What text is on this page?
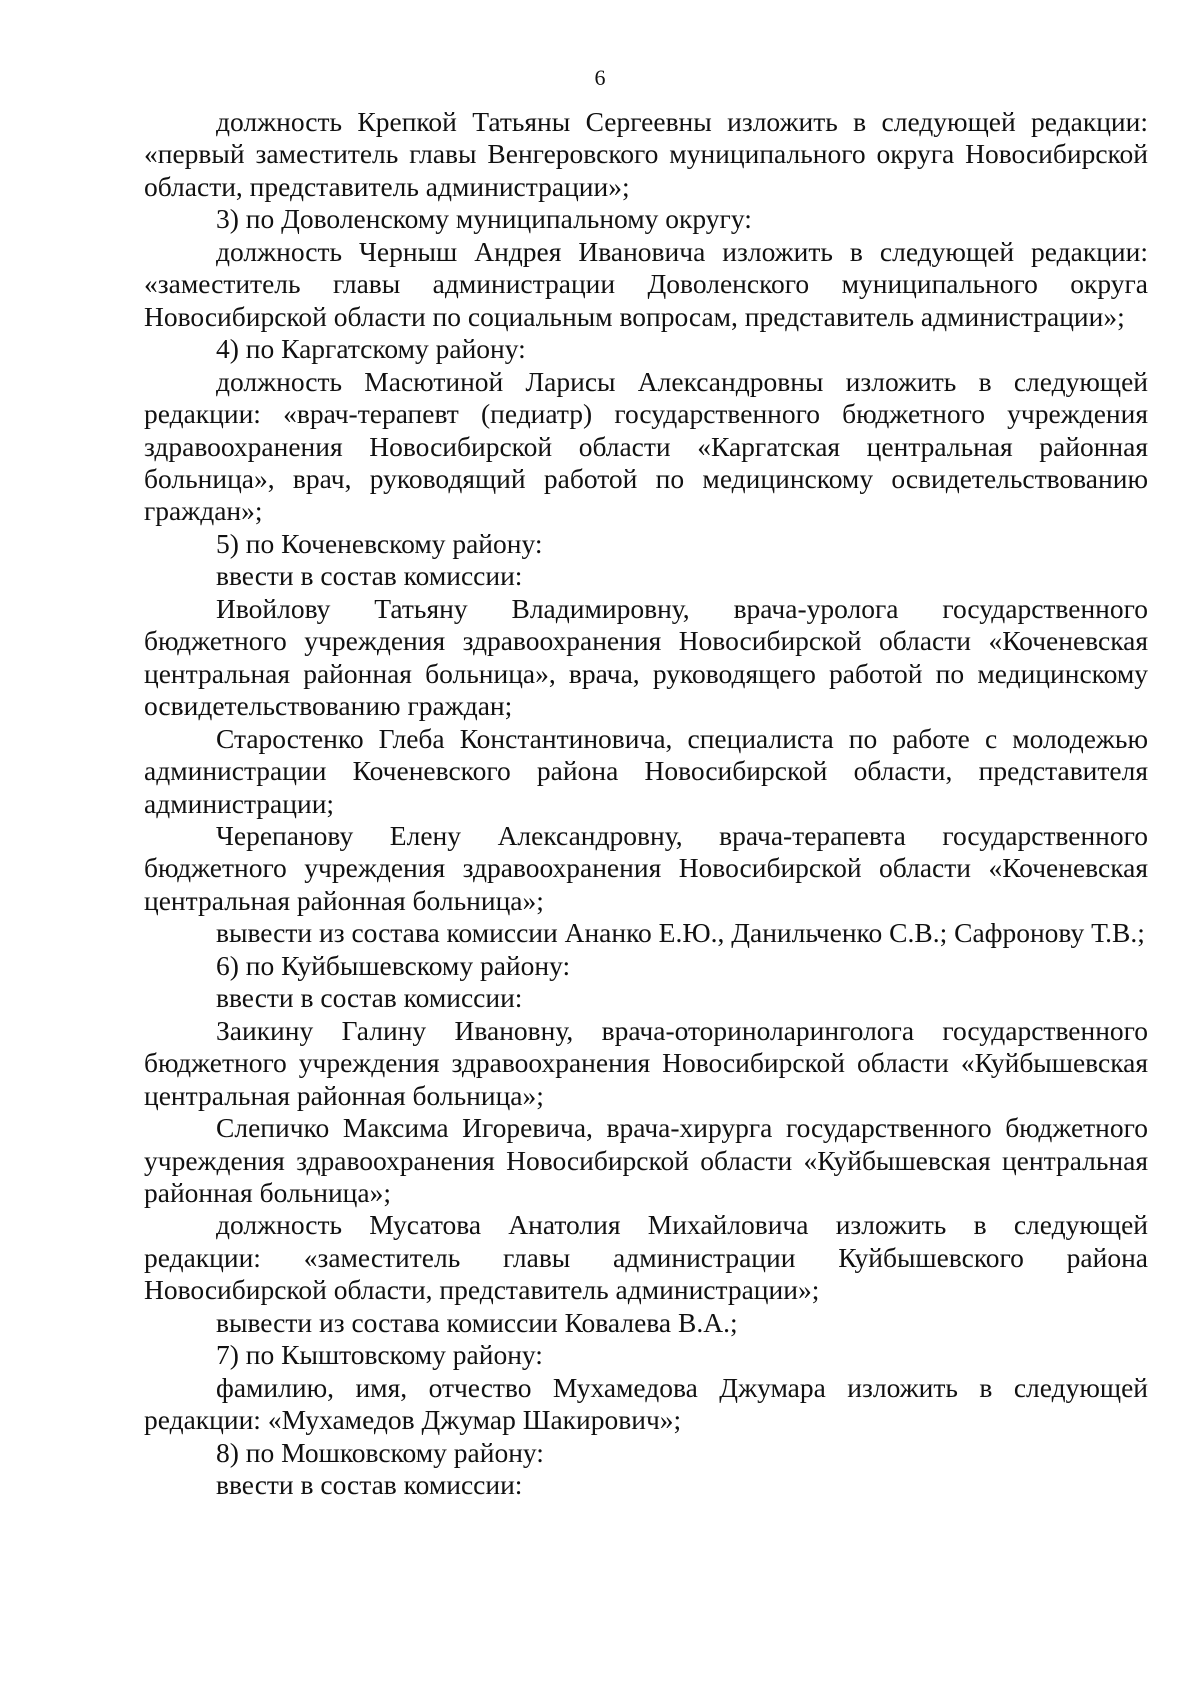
6

должность Крепкой Татьяны Сергеевны изложить в следующей редакции: «первый заместитель главы Венгеровского муниципального округа Новосибирской области, представитель администрации»;

3) по Доволенскому муниципальному округу:

должность Черныш Андрея Ивановича изложить в следующей редакции: «заместитель главы администрации Доволенского муниципального округа Новосибирской области по социальным вопросам, представитель администрации»;

4) по Каргатскому району:

должность Масютиной Ларисы Александровны изложить в следующей редакции: «врач-терапевт (педиатр) государственного бюджетного учреждения здравоохранения Новосибирской области «Каргатская центральная районная больница», врач, руководящий работой по медицинскому освидетельствованию граждан»;

5) по Коченевскому району:

ввести в состав комиссии:

Ивойлову Татьяну Владимировну, врача-уролога государственного бюджетного учреждения здравоохранения Новосибирской области «Коченевская центральная районная больница», врача, руководящего работой по медицинскому освидетельствованию граждан;

Старостенко Глеба Константиновича, специалиста по работе с молодежью администрации Коченевского района Новосибирской области, представителя администрации;

Черепанову Елену Александровну, врача-терапевта государственного бюджетного учреждения здравоохранения Новосибирской области «Коченевская центральная районная больница»;

вывести из состава комиссии Ананко Е.Ю., Данильченко С.В.; Сафронову Т.В.;

6) по Куйбышевскому району:

ввести в состав комиссии:

Заикину Галину Ивановну, врача-оториноларинголога государственного бюджетного учреждения здравоохранения Новосибирской области «Куйбышевская центральная районная больница»;

Слепичко Максима Игоревича, врача-хирурга государственного бюджетного учреждения здравоохранения Новосибирской области «Куйбышевская центральная районная больница»;

должность Мусатова Анатолия Михайловича изложить в следующей редакции: «заместитель главы администрации Куйбышевского района Новосибирской области, представитель администрации»;

вывести из состава комиссии Ковалева В.А.;

7) по Кыштовскому району:

фамилию, имя, отчество Мухамедова Джумара изложить в следующей редакции: «Мухамедов Джумар Шакирович»;

8) по Мошковскому району:

ввести в состав комиссии:
